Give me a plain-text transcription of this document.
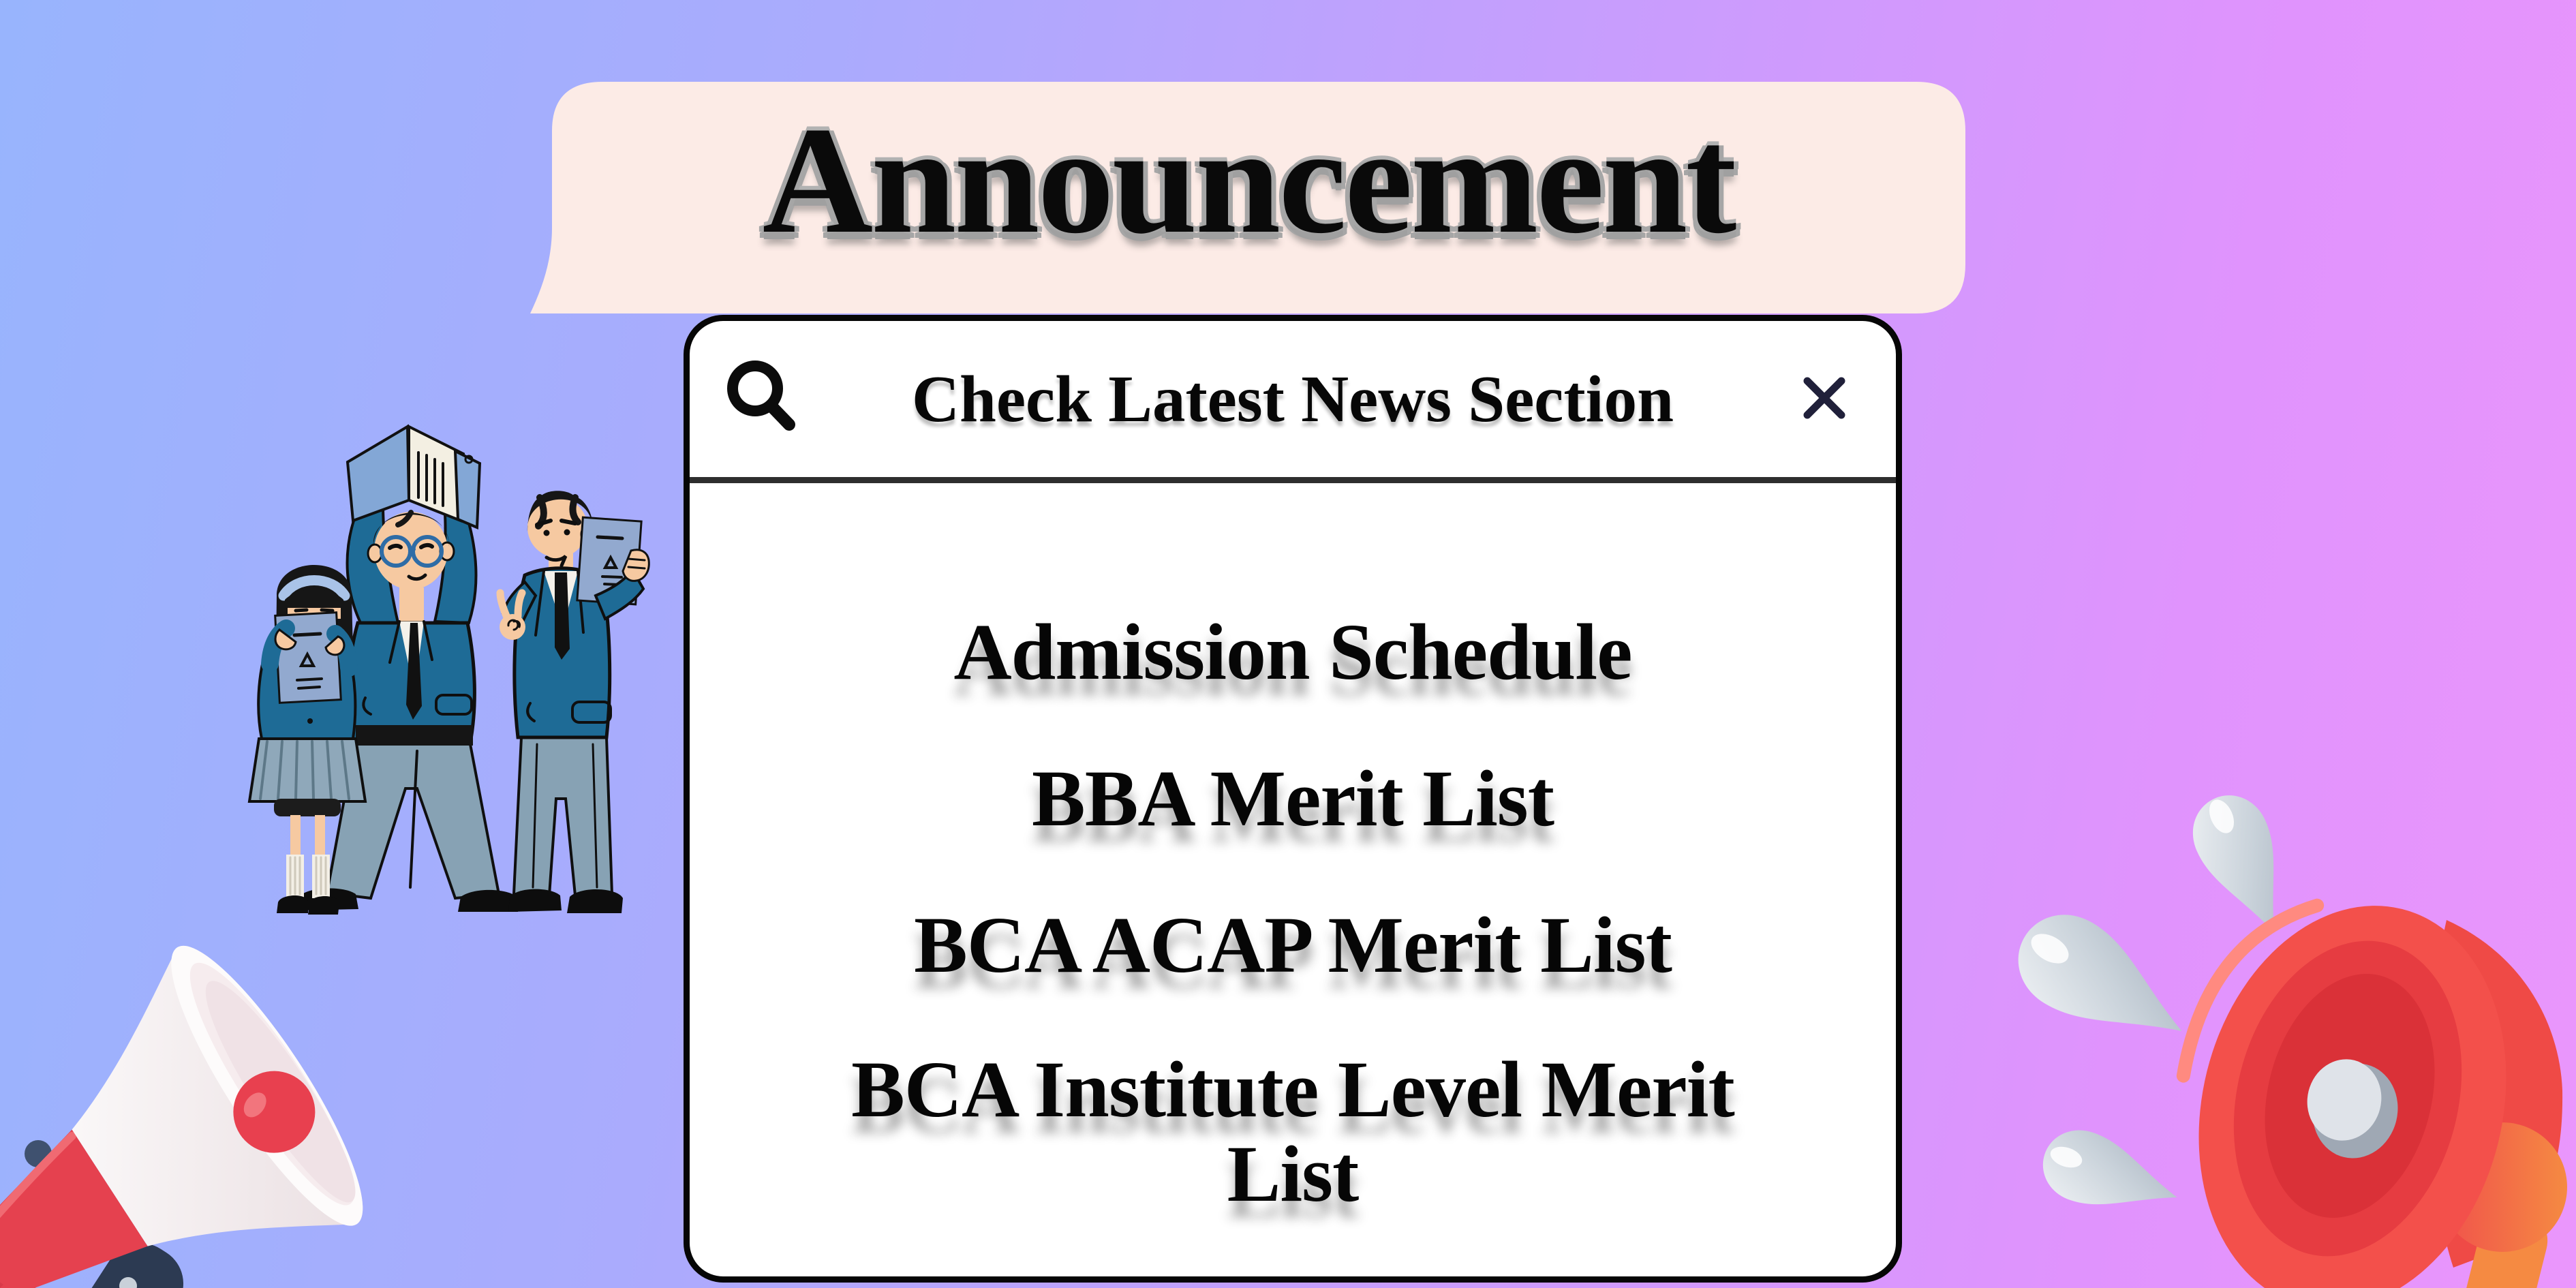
Announcement
Check Latest News Section
Admission Schedule
BBA Merit List
BCA ACAP Merit List
BCA Institute Level Merit List
